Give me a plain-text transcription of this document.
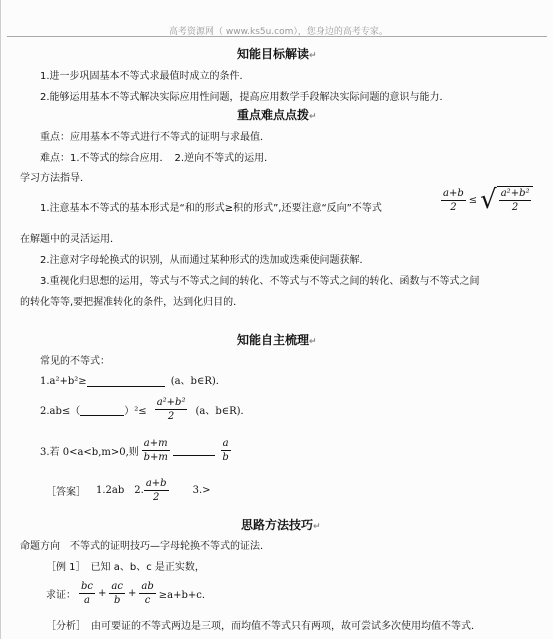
高考资源网（ www.ks5u.com），您身边的高考专家。
知能目标解读↵
1.进一步巩固基本不等式求最值时成立的条件．
2.能够运用基本不等式解决实际应用性问题，提高应用数学手段解决实际问题的意识与能力．
重点难点点拨↵
重点：应用基本不等式进行不等式的证明与求最值．
难点：1.不等式的综合应用．　2.逆向不等式的运用．
学习方法指导．
1.注意基本不等式的基本形式是“和的形式≥积的形式”,还要注意“反向”不等式	$\frac{a+b}{2}$ ≤ √ $\frac{\text{a²+b²}}{2}$
在解题中的灵活运用．
2.注意对字母轮换式的识别，从而通过某种形式的迭加或迭乘使问题获解．
3.重视化归思想的运用，等式与不等式之间的转化、不等式与不等式之间的转化、函数与不等式之间
的转化等等,要把握准转化的条件，达到化归目的．
知能自主梳理↵
常见的不等式：
1.a²+b²≥	(a、b∈R)．
2.ab≤（	）$^2\le \frac{\text{a²+b²}}{2} (a$、b∈R)．
3.若 0<a<b,m>0,则 $\frac{a+m}{b+m}$	$\frac{a}{b}$
［答案］ 1.2ab 2. $\frac{a+b}{2} 3.>$
思路方法技巧↵
命题方向　不等式的证明技巧—字母轮换不等式的证法．
［例 1］　已知 a、b、c 是正实数，
求证： $\frac{bc}{a} + \frac{ac}{b} + \frac{ab}{c} \ge a+b+c$．
［分析］　由可要证的不等式两边是三项，而均值不等式只有两项，故可尝试多次使用均值不等式．
